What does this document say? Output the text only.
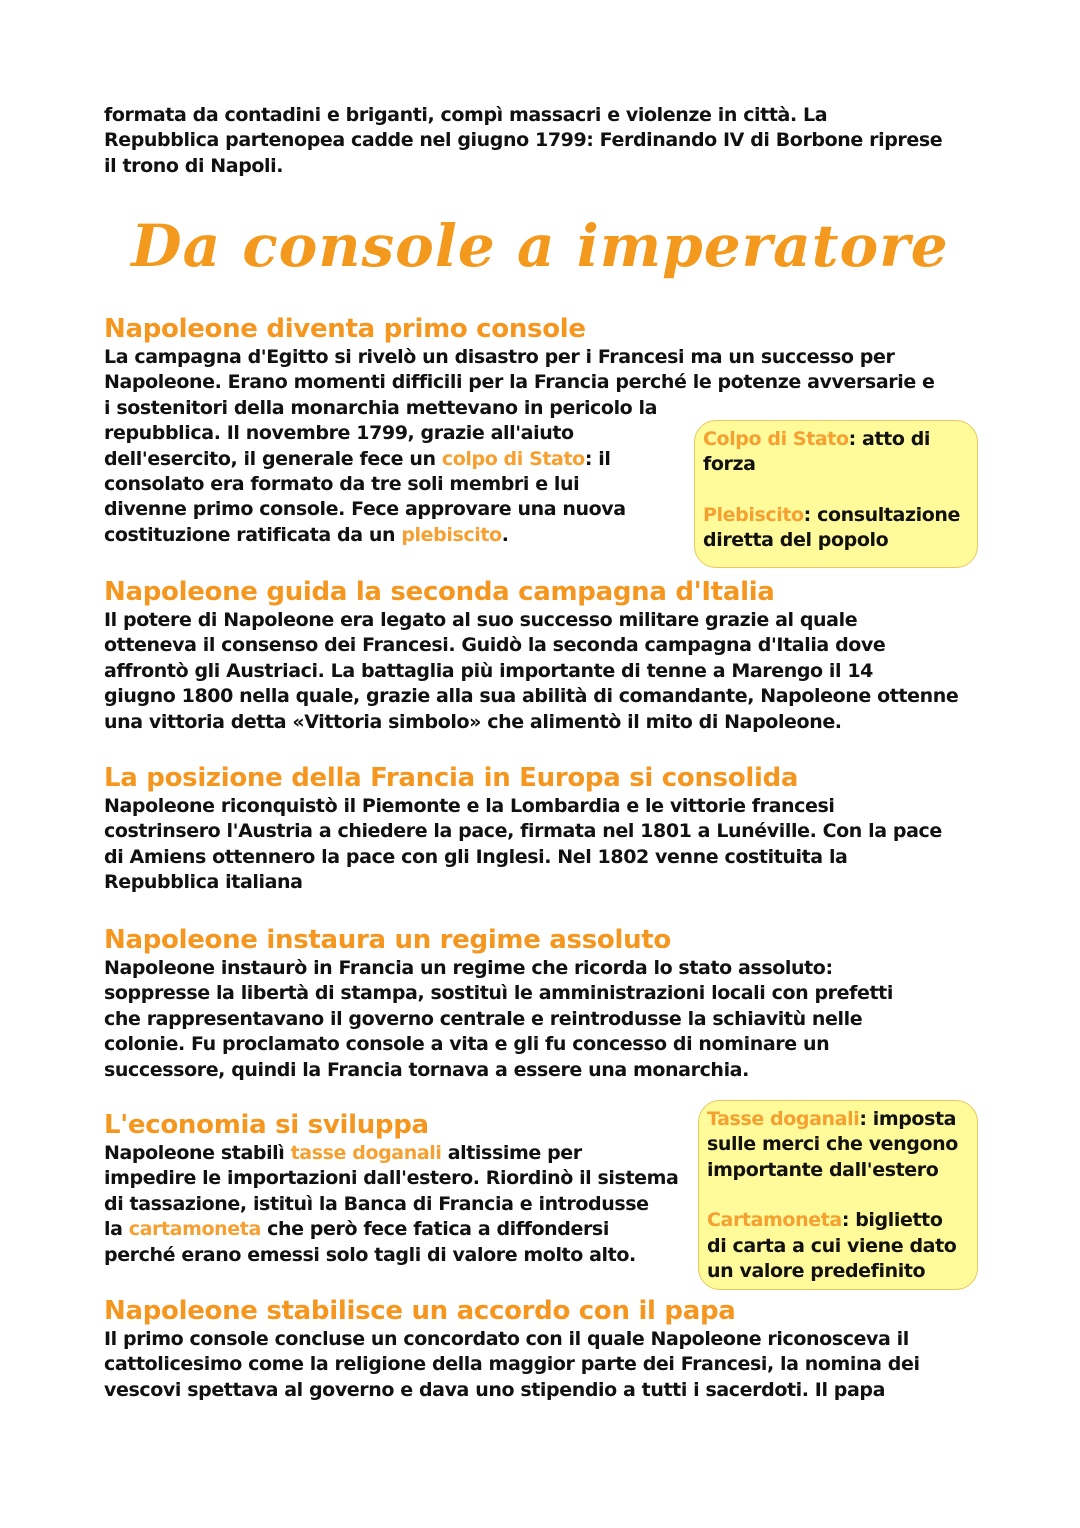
formata da contadini e briganti, compì massacri e violenze in città. La
Repubblica partenopea cadde nel giugno 1799: Ferdinando IV di Borbone riprese
il trono di Napoli.

Da console a imperatore
Napoleone diventa primo console

La campagna d'Egitto si rivelò un disastro per i Francesi ma un successo per
Napoleone. Erano momenti difficili per la Francia perché le potenze avversarie e
i sostenitori della monarchia mettevano in pericolo la
repubblica. Il novembre 1799, grazie all'aiuto
dell'esercito, il generale fece un colpo di Stato: il
consolato era formato da tre soli membri e lui
divenne primo console. Fece approvare una nuova
costituzione ratificata da un plebiscito.

Colpo di Stato: atto di
forza
Plebiscito: consultazione
diretta del popolo
Napoleone guida la seconda campagna d'Italia

Il potere di Napoleone era legato al suo successo militare grazie al quale
otteneva il consenso dei Francesi. Guidò la seconda campagna d'Italia dove
affrontò gli Austriaci. La battaglia più importante di tenne a Marengo il 14
giugno 1800 nella quale, grazie alla sua abilità di comandante, Napoleone ottenne
una vittoria detta «Vittoria simbolo» che alimentò il mito di Napoleone.

La posizione della Francia in Europa si consolida

Napoleone riconquistò il Piemonte e la Lombardia e le vittorie francesi
costrinsero l'Austria a chiedere la pace, firmata nel 1801 a Lunéville. Con la pace
di Amiens ottennero la pace con gli Inglesi. Nel 1802 venne costituita la
Repubblica italiana

Napoleone instaura un regime assoluto

Napoleone instaurò in Francia un regime che ricorda lo stato assoluto:
soppresse la libertà di stampa, sostituì le amministrazioni locali con prefetti
che rappresentavano il governo centrale e reintrodusse la schiavitù nelle
colonie. Fu proclamato console a vita e gli fu concesso di nominare un
successore, quindi la Francia tornava a essere una monarchia.

L'economia si sviluppa

Napoleone stabilì tasse doganali altissime per
impedire le importazioni dall'estero. Riordinò il sistema
di tassazione, istituì la Banca di Francia e introdusse
la cartamoneta che però fece fatica a diffondersi
perché erano emessi solo tagli di valore molto alto.

Tasse doganali: imposta
sulle merci che vengono
importante dall'estero
Cartamoneta: biglietto
di carta a cui viene dato
un valore predefinito
Napoleone stabilisce un accordo con il papa

Il primo console concluse un concordato con il quale Napoleone riconosceva il
cattolicesimo come la religione della maggior parte dei Francesi, la nomina dei
vescovi spettava al governo e dava uno stipendio a tutti i sacerdoti. Il papa
